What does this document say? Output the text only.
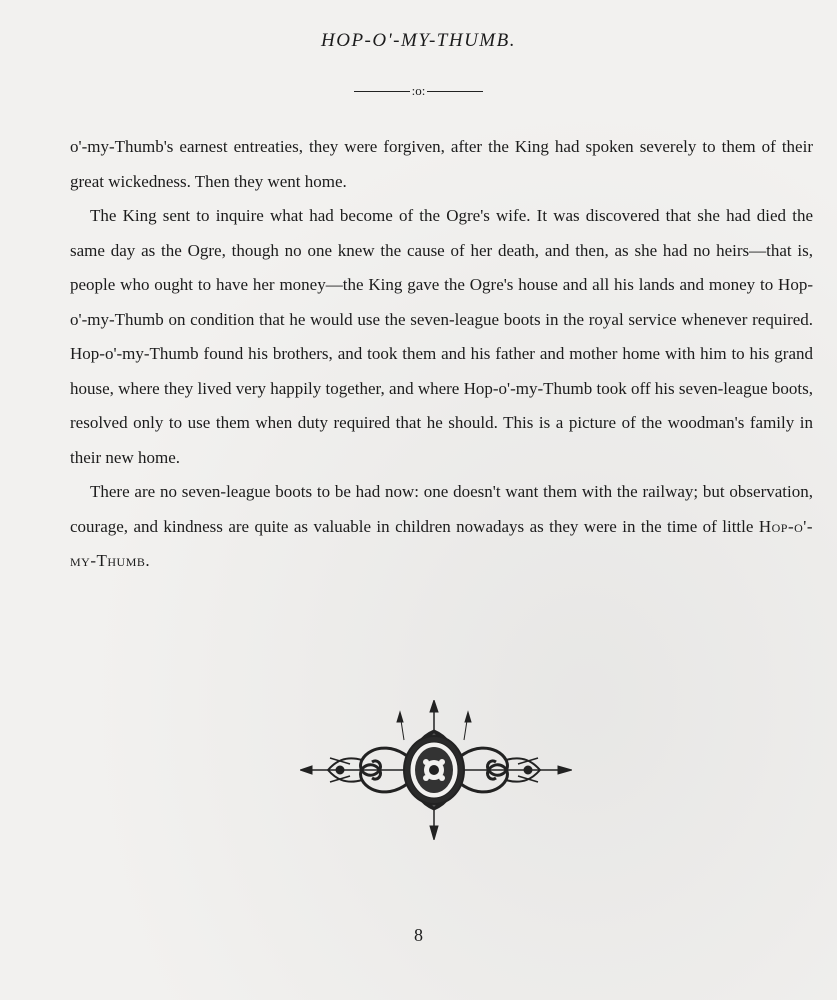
HOP-O'-MY-THUMB.
:o:

o'-my-Thumb's earnest entreaties, they were forgiven, after the King had spoken severely to them of their great wickedness. Then they went home.

The King sent to inquire what had become of the Ogre's wife. It was discovered that she had died the same day as the Ogre, though no one knew the cause of her death, and then, as she had no heirs—that is, people who ought to have her money—the King gave the Ogre's house and all his lands and money to Hop-o'-my-Thumb on condition that he would use the seven-league boots in the royal service whenever required. Hop-o'-my-Thumb found his brothers, and took them and his father and mother home with him to his grand house, where they lived very happily together, and where Hop-o'-my-Thumb took off his seven-league boots, resolved only to use them when duty required that he should. This is a picture of the woodman's family in their new home.

There are no seven-league boots to be had now: one doesn't want them with the railway; but observation, courage, and kindness are quite as valuable in children nowadays as they were in the time of little Hop-o'-my-Thumb.

8
